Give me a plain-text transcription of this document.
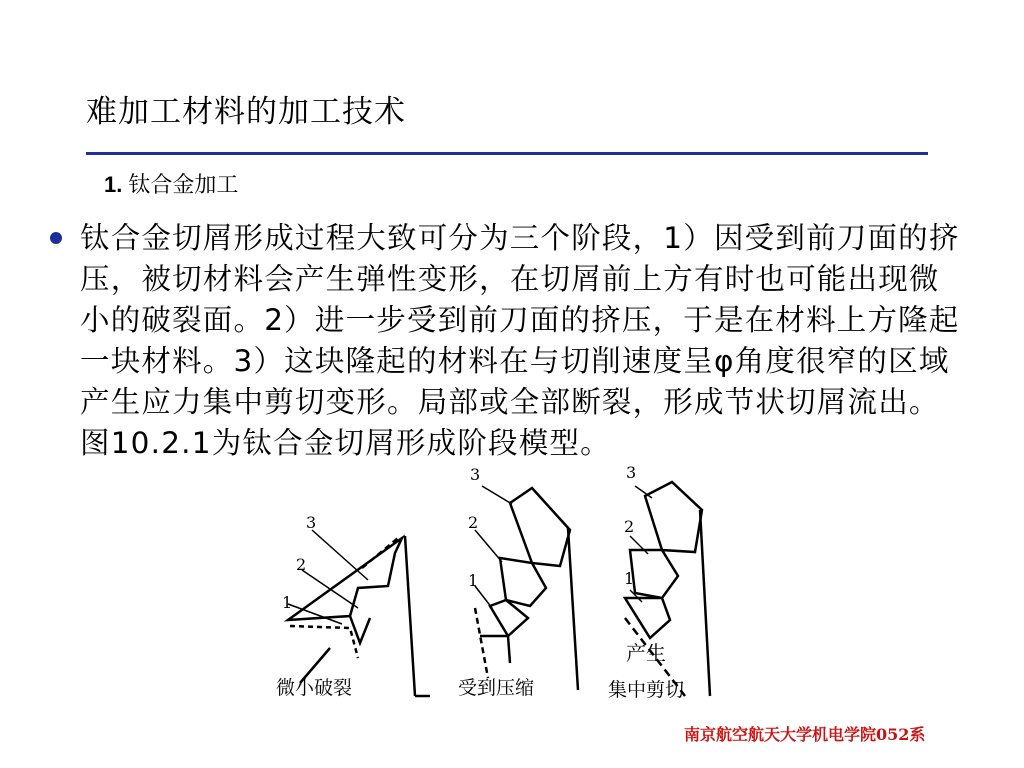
难加工材料的加工技术
1. 钛合金加工
钛合金切屑形成过程大致可分为三个阶段，1）因受到前刀面的挤压，被切材料会产生弹性变形，在切屑前上方有时也可能出现微小的破裂面。2）进一步受到前刀面的挤压，于是在材料上方隆起一块材料。3）这块隆起的材料在与切削速度呈φ角度很窄的区域产生应力集中剪切变形。局部或全部断裂，形成节状切屑流出。图10.2.1为钛合金切屑形成阶段模型。
3
2
1
3
2
1
3
2
1
产生
微小破裂	受到压缩	集中剪切
南京航空航天大学机电学院052系
